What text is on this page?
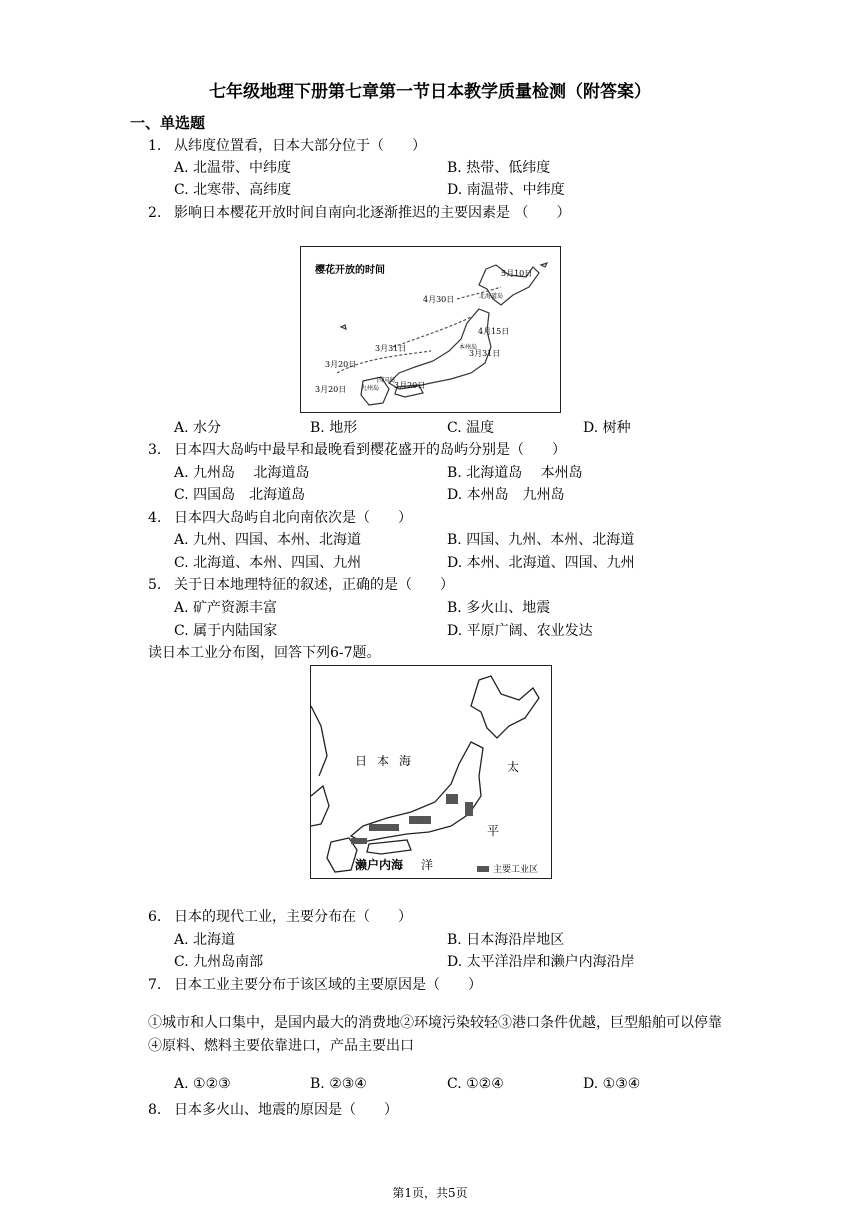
七年级地理下册第七章第一节日本教学质量检测（附答案）
一、单选题
1. 从纬度位置看，日本大部分位于（　　）
A. 北温带、中纬度	B. 热带、低纬度
C. 北寒带、高纬度	D. 南温带、中纬度
2. 影响日本樱花开放时间自南向北逐渐推迟的主要因素是 （　　）
樱花开放的时间	5月10日
4月30日	北海道岛
4月15日
本州岛
3月31日
3月31日
3月20日
四国岛
3月20日
九州岛
3月20日
A. 水分	B. 地形	C. 温度	D. 树种
3. 日本四大岛屿中最早和最晚看到樱花盛开的岛屿分别是（　　）
A. 九州岛　 北海道岛	B. 北海道岛　 本州岛
C. 四国岛　北海道岛	D. 本州岛　九州岛
4. 日本四大岛屿自北向南依次是（　　）
A. 九州、四国、本州、北海道	B. 四国、九州、本州、北海道
C. 北海道、本州、四国、九州	D. 本州、北海道、四国、九州
5. 关于日本地理特征的叙述，正确的是（　　）
A. 矿产资源丰富	B. 多火山、地震
C. 属于内陆国家	D. 平原广阔、农业发达
读日本工业分布图，回答下列6-7题。
日本海	太
平
洋
濑户内海	主要工业区
6. 日本的现代工业，主要分布在（　　）
A. 北海道	B. 日本海沿岸地区
C. 九州岛南部	D. 太平洋沿岸和濑户内海沿岸
7. 日本工业主要分布于该区域的主要原因是（　　）
①城市和人口集中，是国内最大的消费地②环境污染较轻③港口条件优越，巨型船舶可以停靠④原料、燃料主要依靠进口，产品主要出口
A. ①②③	B. ②③④	C. ①②④	D. ①③④
8. 日本多火山、地震的原因是（　　）
第1页，共5页
